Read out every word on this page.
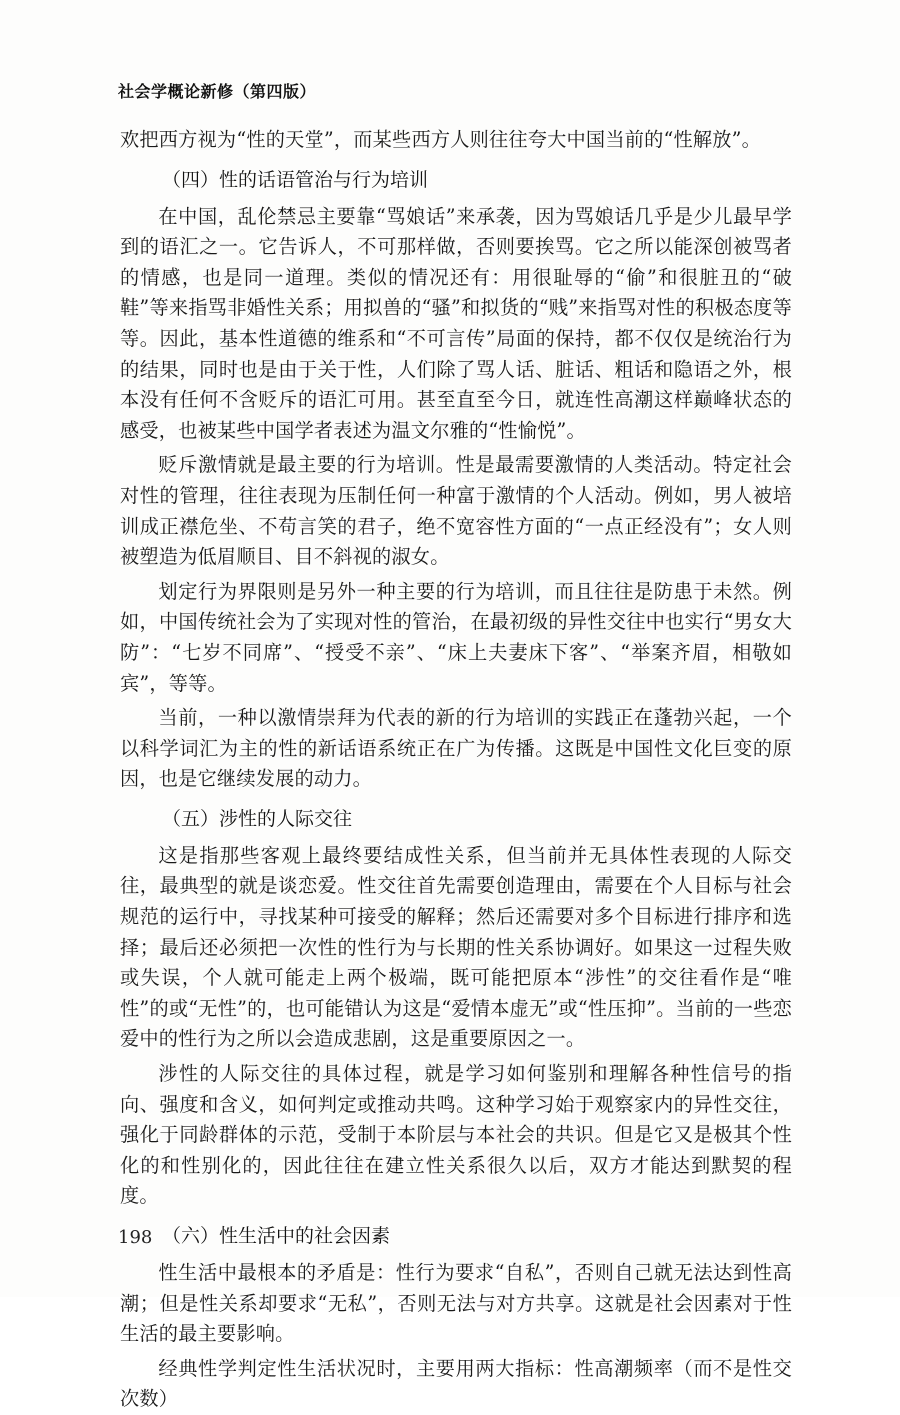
社会学概论新修（第四版）

欢把西方视为“性的天堂”，而某些西方人则往往夸大中国当前的“性解放”。

（四）性的话语管治与行为培训

在中国，乱伦禁忌主要靠“骂娘话”来承袭，因为骂娘话几乎是少儿最早学到的语汇之一。它告诉人，不可那样做，否则要挨骂。它之所以能深创被骂者的情感，也是同一道理。类似的情况还有：用很耻辱的“偷”和很脏丑的“破鞋”等来指骂非婚性关系；用拟兽的“骚”和拟货的“贱”来指骂对性的积极态度等等。因此，基本性道德的维系和“不可言传”局面的保持，都不仅仅是统治行为的结果，同时也是由于关于性，人们除了骂人话、脏话、粗话和隐语之外，根本没有任何不含贬斥的语汇可用。甚至直至今日，就连性高潮这样巅峰状态的感受，也被某些中国学者表述为温文尔雅的“性愉悦”。

贬斥激情就是最主要的行为培训。性是最需要激情的人类活动。特定社会对性的管理，往往表现为压制任何一种富于激情的个人活动。例如，男人被培训成正襟危坐、不苟言笑的君子，绝不宽容性方面的“一点正经没有”；女人则被塑造为低眉顺目、目不斜视的淑女。

划定行为界限则是另外一种主要的行为培训，而且往往是防患于未然。例如，中国传统社会为了实现对性的管治，在最初级的异性交往中也实行“男女大防”：“七岁不同席”、“授受不亲”、“床上夫妻床下客”、“举案齐眉，相敬如宾”，等等。

当前，一种以激情崇拜为代表的新的行为培训的实践正在蓬勃兴起，一个以科学词汇为主的性的新话语系统正在广为传播。这既是中国性文化巨变的原因，也是它继续发展的动力。

（五）涉性的人际交往

这是指那些客观上最终要结成性关系，但当前并无具体性表现的人际交往，最典型的就是谈恋爱。性交往首先需要创造理由，需要在个人目标与社会规范的运行中，寻找某种可接受的解释；然后还需要对多个目标进行排序和选择；最后还必须把一次性的性行为与长期的性关系协调好。如果这一过程失败或失误，个人就可能走上两个极端，既可能把原本“涉性”的交往看作是“唯性”的或“无性”的，也可能错认为这是“爱情本虚无”或“性压抑”。当前的一些恋爱中的性行为之所以会造成悲剧，这是重要原因之一。

涉性的人际交往的具体过程，就是学习如何鉴别和理解各种性信号的指向、强度和含义，如何判定或推动共鸣。这种学习始于观察家内的异性交往，强化于同龄群体的示范，受制于本阶层与本社会的共识。但是它又是极其个性化的和性别化的，因此往往在建立性关系很久以后，双方才能达到默契的程度。

（六）性生活中的社会因素

性生活中最根本的矛盾是：性行为要求“自私”，否则自己就无法达到性高潮；但是性关系却要求“无私”，否则无法与对方共享。这就是社会因素对于性生活的最主要影响。

经典性学判定性生活状况时，主要用两大指标：性高潮频率（而不是性交次数）

198
